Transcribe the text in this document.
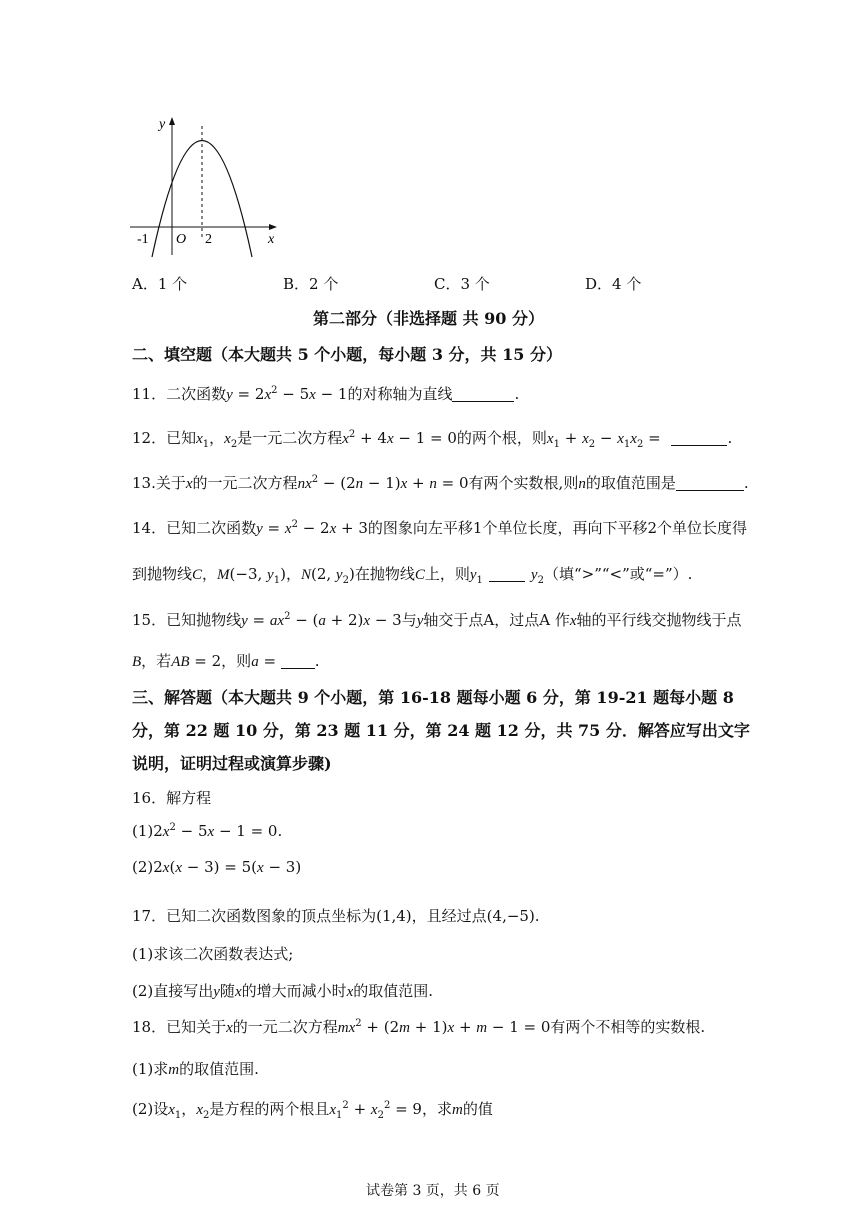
y
x
O
-1	2
A．1 个	B．2 个	C．3 个	D．4 个
第二部分（非选择题 共 90 分）
二、填空题（本大题共 5 个小题，每小题 3 分，共 15 分）
11．二次函数$y = 2x^2 - 5x - 1$的对称轴为直线	.
12．已知$x_1$，$x_2$是一元二次方程$x^2 + 4x - 1 = 0$的两个根，则$x_1 + x_2 - x_1x_2$ =	.
13.关于x的一元二次方程$nx^2 - (2n - 1)x + n = 0$有两个实数根,则n的取值范围是	.
14．已知二次函数$y = x^2 - 2x + 3$的图象向左平移1个单位长度，再向下平移2个单位长度得
到抛物线C，M(−3, $y_1$)，N(2, $y_2$)在抛物线C上，则$y_1$	$y_2$（填“>”“<”或“=”）.
15．已知抛物线$y = ax^2 - (a + 2)x - 3$与y轴交于点A，过点A 作x轴的平行线交抛物线于点
B，若AB = 2，则a = .
三、解答题（本大题共 9 个小题，第 16-18 题每小题 6 分，第 19-21 题每小题 8
分，第 22 题 10 分，第 23 题 11 分，第 24 题 12 分，共 75 分．解答应写出文字
说明，证明过程或演算步骤)
16．解方程
$(1)2x^2 - 5x - 1 = 0$.
(2)2x(x − 3) = 5(x − 3)
17．已知二次函数图象的顶点坐标为(1,4)，且经过点(4,−5).
(1)求该二次函数表达式;
(2)直接写出y随x的增大而减小时x的取值范围.
18．已知关于x的一元二次方程$mx^2 + (2m + 1)x + m - 1 = 0$有两个不相等的实数根.
(1)求m的取值范围.
(2)设$x_1$，$x_2$是方程的两个根且$x_1^2 + x_2^2 = 9$，求m的值
试卷第 3 页，共 6 页
